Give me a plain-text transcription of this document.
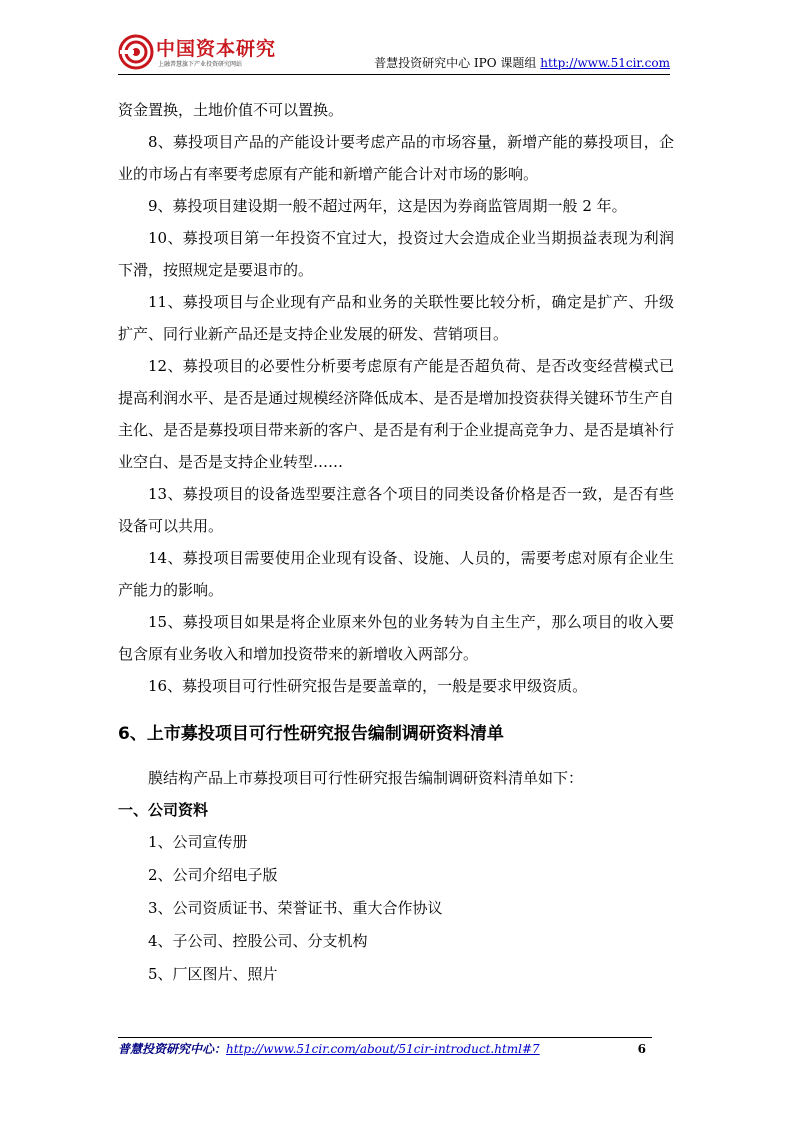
中国资本研究
上融普慧旗下产业投资研究网站	普慧投资研究中心 IPO 课题组 http://www.51cir.com

资金置换，土地价值不可以置换。

8、募投项目产品的产能设计要考虑产品的市场容量，新增产能的募投项目，企业的市场占有率要考虑原有产能和新增产能合计对市场的影响。

9、募投项目建设期一般不超过两年，这是因为券商监管周期一般 2 年。

10、募投项目第一年投资不宜过大，投资过大会造成企业当期损益表现为利润下滑，按照规定是要退市的。

11、募投项目与企业现有产品和业务的关联性要比较分析，确定是扩产、升级扩产、同行业新产品还是支持企业发展的研发、营销项目。

12、募投项目的必要性分析要考虑原有产能是否超负荷、是否改变经营模式已提高利润水平、是否是通过规模经济降低成本、是否是增加投资获得关键环节生产自主化、是否是募投项目带来新的客户、是否是有利于企业提高竞争力、是否是填补行业空白、是否是支持企业转型……

13、募投项目的设备选型要注意各个项目的同类设备价格是否一致，是否有些设备可以共用。

14、募投项目需要使用企业现有设备、设施、人员的，需要考虑对原有企业生产能力的影响。

15、募投项目如果是将企业原来外包的业务转为自主生产，那么项目的收入要包含原有业务收入和增加投资带来的新增收入两部分。

16、募投项目可行性研究报告是要盖章的，一般是要求甲级资质。

6、上市募投项目可行性研究报告编制调研资料清单

膜结构产品上市募投项目可行性研究报告编制调研资料清单如下：

一、公司资料

1、公司宣传册

2、公司介绍电子版

3、公司资质证书、荣誉证书、重大合作协议

4、子公司、控股公司、分支机构

5、厂区图片、照片

普慧投资研究中心：http://www.51cir.com/about/51cir-introduct.html#7	6
